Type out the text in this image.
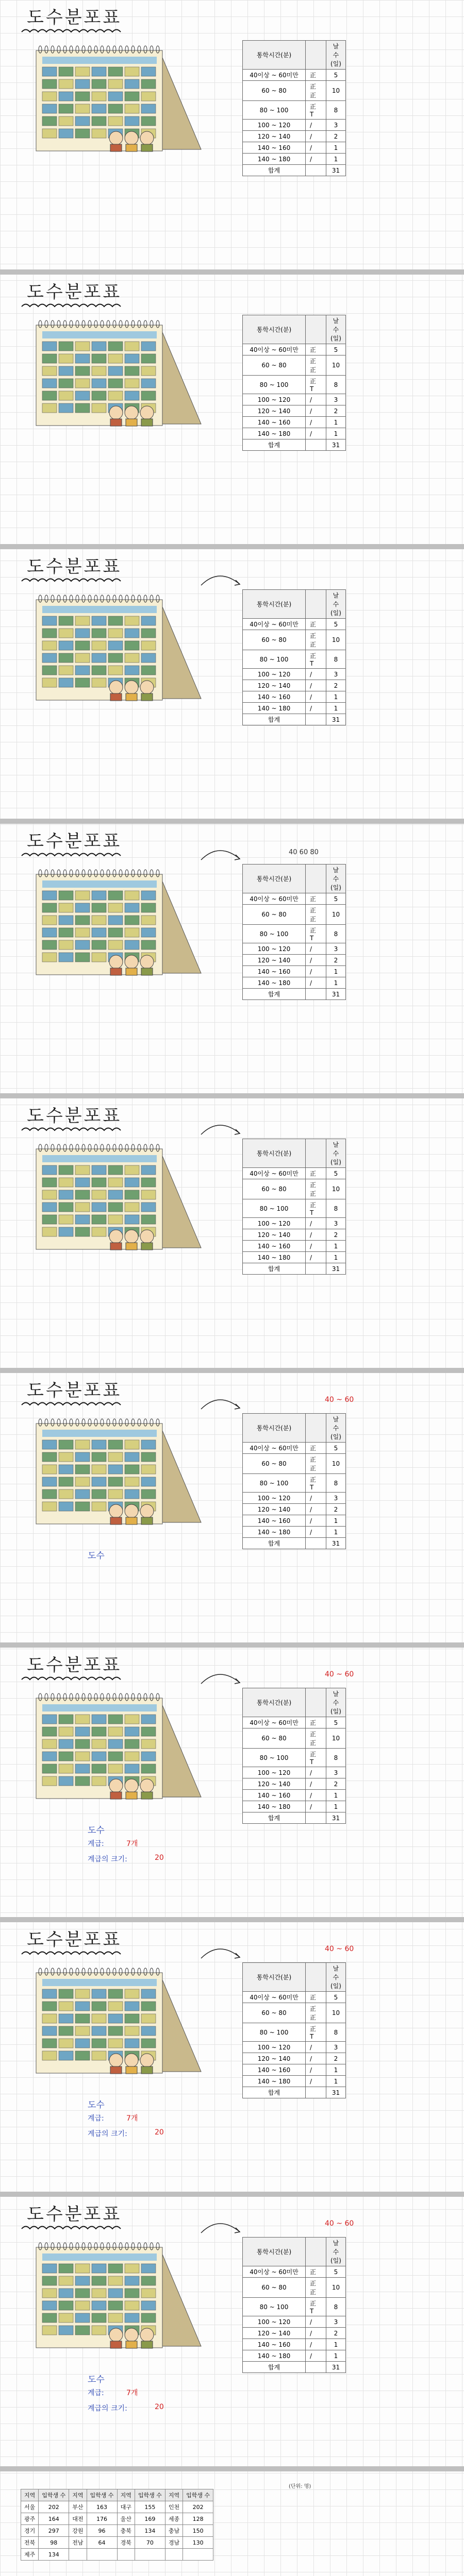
도수분포표
통학시간(분)		날수(일)
40이상 ~ 60미만	正	5
60 ~ 80	正 正	10
80 ~ 100	正 T	8
100 ~ 120	/	3
120 ~ 140	/	2
140 ~ 160	/	1
140 ~ 180	/	1
합계		31
도수분포표
통학시간(분)		날수(일)
40이상 ~ 60미만	正	5
60 ~ 80	正 正	10
80 ~ 100	正 T	8
100 ~ 120	/	3
120 ~ 140	/	2
140 ~ 160	/	1
140 ~ 180	/	1
합계		31
도수분포표
통학시간(분)		날수(일)
40이상 ~ 60미만	正	5
60 ~ 80	正 正	10
80 ~ 100	正 T	8
100 ~ 120	/	3
120 ~ 140	/	2
140 ~ 160	/	1
140 ~ 180	/	1
합계		31
도수분포표
통학시간(분)		날수(일)
40이상 ~ 60미만	正	5
60 ~ 80	正 正	10
80 ~ 100	正 T	8
100 ~ 120	/	3
120 ~ 140	/	2
140 ~ 160	/	1
140 ~ 180	/	1
합계		31
40 60 80
도수분포표
통학시간(분)		날수(일)
40이상 ~ 60미만	正	5
60 ~ 80	正 正	10
80 ~ 100	正 T	8
100 ~ 120	/	3
120 ~ 140	/	2
140 ~ 160	/	1
140 ~ 180	/	1
합계		31
도수분포표
통학시간(분)		날수(일)
40이상 ~ 60미만	正	5
60 ~ 80	正 正	10
80 ~ 100	正 T	8
100 ~ 120	/	3
120 ~ 140	/	2
140 ~ 160	/	1
140 ~ 180	/	1
합계		31
40 ~ 60
도수
도수분포표
통학시간(분)		날수(일)
40이상 ~ 60미만	正	5
60 ~ 80	正 正	10
80 ~ 100	正 T	8
100 ~ 120	/	3
120 ~ 140	/	2
140 ~ 160	/	1
140 ~ 180	/	1
합계		31
40 ~ 60
도수
계급:	7개
계급의 크기:	20
도수분포표
통학시간(분)		날수(일)
40이상 ~ 60미만	正	5
60 ~ 80	正 正	10
80 ~ 100	正 T	8
100 ~ 120	/	3
120 ~ 140	/	2
140 ~ 160	/	1
140 ~ 180	/	1
합계		31
40 ~ 60
도수
계급:	7개
계급의 크기:	20
도수분포표
통학시간(분)		날수(일)
40이상 ~ 60미만	正	5
60 ~ 80	正 正	10
80 ~ 100	正 T	8
100 ~ 120	/	3
120 ~ 140	/	2
140 ~ 160	/	1
140 ~ 180	/	1
합계		31
40 ~ 60
도수
계급:	7개
계급의 크기:	20
(단위: 명)
지역	입학생 수	지역	입학생 수	지역	입학생 수	지역	입학생 수
서울	202	부산	163	대구	155	인천	202
광주	164	대전	176	울산	169	세종	128
경기	297	강원	96	충북	134	충남	150
전북	98	전남	64	경북	70	경남	130
제주	134						
